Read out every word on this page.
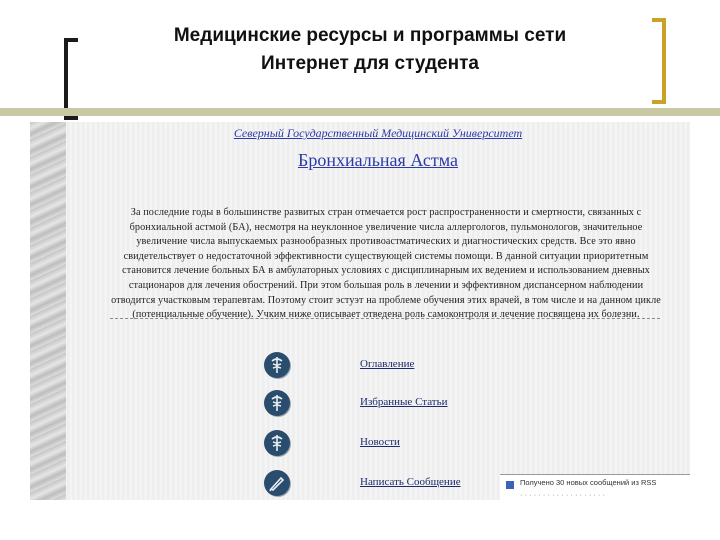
Медицинские ресурсы и программы сети
Интернет для студента
Северный Государственный Медицинский Университет
Бронхиальная Астма
За последние годы в большинстве развитых стран отмечается рост распространенности и смертности, связанных с бронхиальной астмой (БА), несмотря на неуклонное увеличение числа аллергологов, пульмонологов, значительное увеличение числа выпускаемых разнообразных противоастматических и диагностических средств. Все это явно свидетельствует о недостаточной эффективности существующей системы помощи. В данной ситуации приоритетным становится лечение больных БА в амбулаторных условиях с дисциплинарным их ведением и использованием дневных стационаров для лечения обострений. При этом большая роль в лечении и эффективном диспансерном наблюдении отводится участковым терапевтам. Поэтому стоит эстуэт на проблеме обучения этих врачей, в том числе и на данном цикле (потенциальные обучение). Учким ниже описывает отведена роль самоконтроля и лечение посвящена их болезни.
Оглавление
Избранные Статьи
Новости
Написать Сообщение	Получено 30 новых сообщений из RSS
· · · · · · · · · · · · · · · · · · ·
